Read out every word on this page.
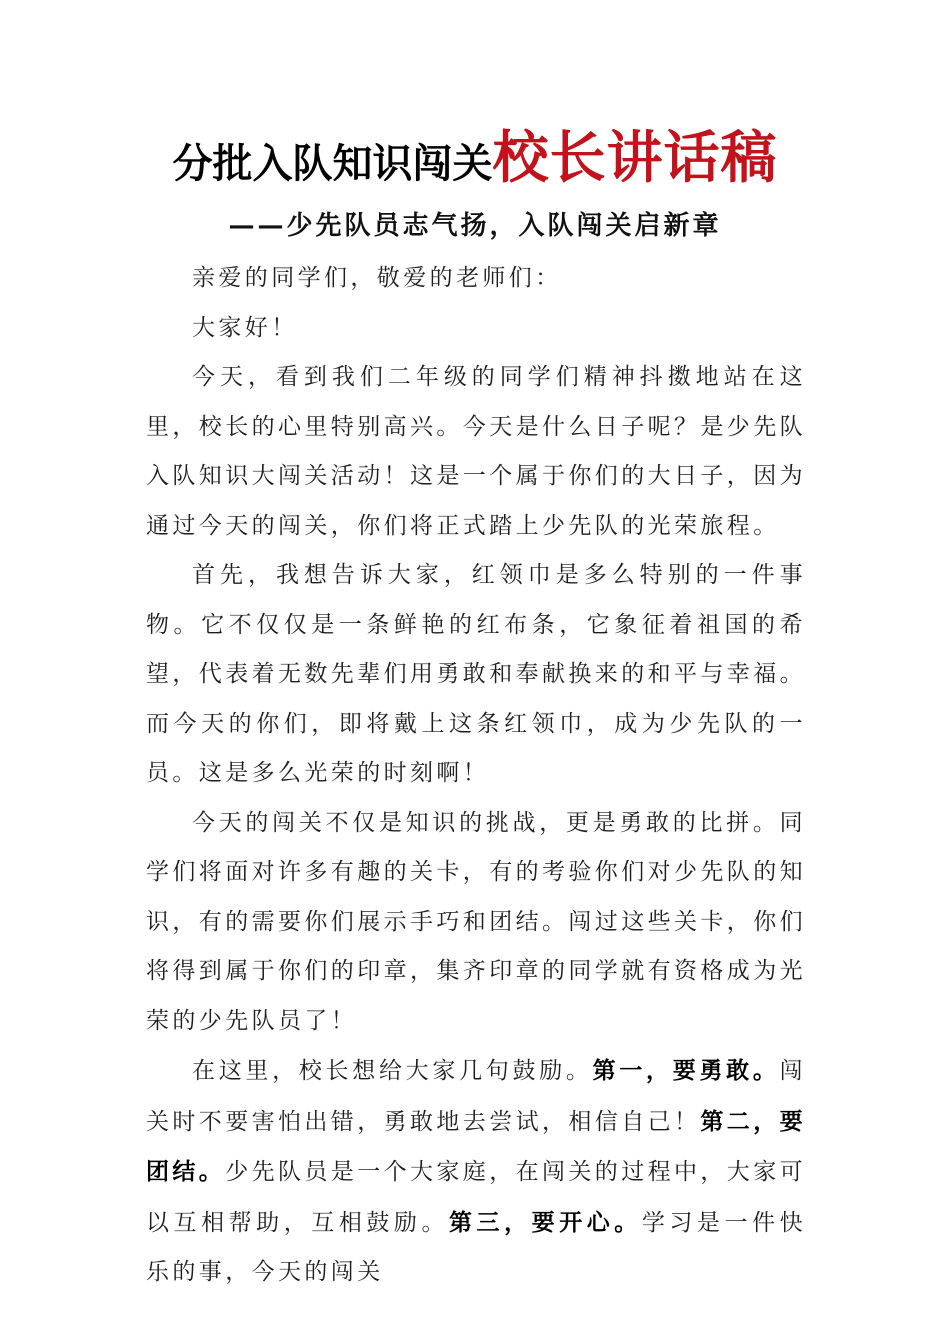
分批入队知识闯关校长讲话稿
——少先队员志气扬，入队闯关启新章

亲爱的同学们，敬爱的老师们：

大家好！

今天，看到我们二年级的同学们精神抖擞地站在这里，校长的心里特别高兴。今天是什么日子呢？是少先队入队知识大闯关活动！这是一个属于你们的大日子，因为通过今天的闯关，你们将正式踏上少先队的光荣旅程。

首先，我想告诉大家，红领巾是多么特别的一件事物。它不仅仅是一条鲜艳的红布条，它象征着祖国的希望，代表着无数先辈们用勇敢和奉献换来的和平与幸福。而今天的你们，即将戴上这条红领巾，成为少先队的一员。这是多么光荣的时刻啊！

今天的闯关不仅是知识的挑战，更是勇敢的比拼。同学们将面对许多有趣的关卡，有的考验你们对少先队的知识，有的需要你们展示手巧和团结。闯过这些关卡，你们将得到属于你们的印章，集齐印章的同学就有资格成为光荣的少先队员了！

在这里，校长想给大家几句鼓励。第一，要勇敢。闯关时不要害怕出错，勇敢地去尝试，相信自己！第二，要团结。少先队员是一个大家庭，在闯关的过程中，大家可以互相帮助，互相鼓励。第三，要开心。学习是一件快乐的事，今天的闯关
